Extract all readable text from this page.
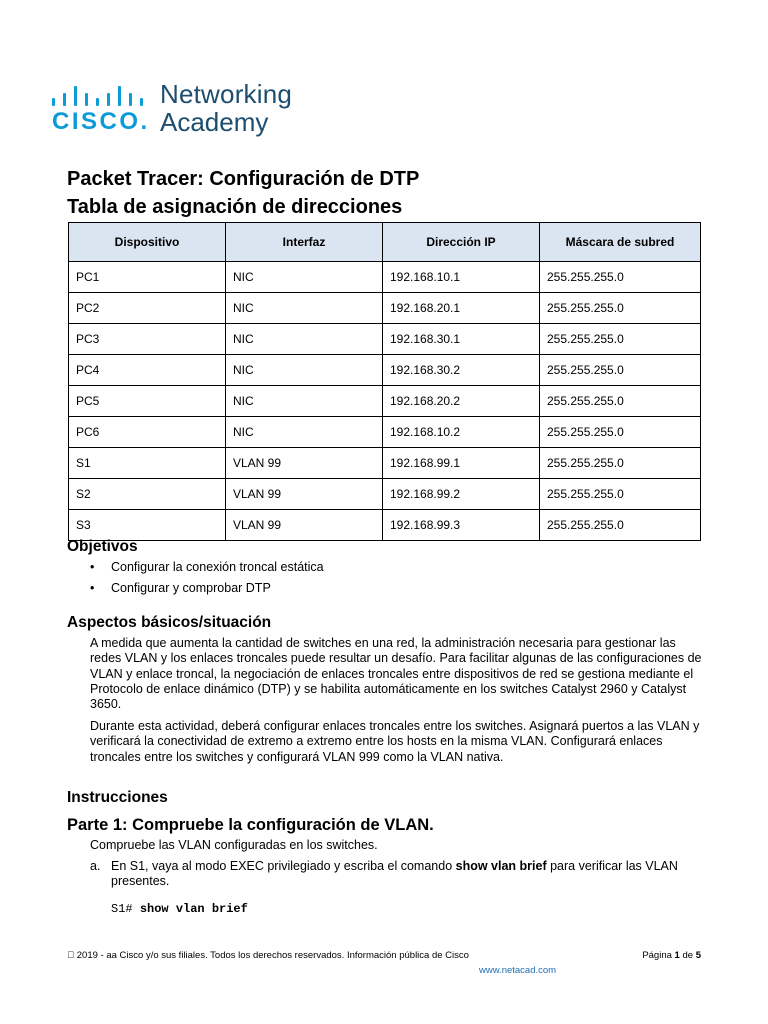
CISCO.
Networking
Academy
Packet Tracer: Configuración de DTP
Tabla de asignación de direcciones
Dispositivo	Interfaz	Dirección IP	Máscara de subred
PC1	NIC	192.168.10.1	255.255.255.0
PC2	NIC	192.168.20.1	255.255.255.0
PC3	NIC	192.168.30.1	255.255.255.0
PC4	NIC	192.168.30.2	255.255.255.0
PC5	NIC	192.168.20.2	255.255.255.0
PC6	NIC	192.168.10.2	255.255.255.0
S1	VLAN 99	192.168.99.1	255.255.255.0
S2	VLAN 99	192.168.99.2	255.255.255.0
S3	VLAN 99	192.168.99.3	255.255.255.0
Objetivos
• Configurar la conexión troncal estática
• Configurar y comprobar DTP
Aspectos básicos/situación

A medida que aumenta la cantidad de switches en una red, la administración necesaria para gestionar las redes VLAN y los enlaces troncales puede resultar un desafío. Para facilitar algunas de las configuraciones de VLAN y enlace troncal, la negociación de enlaces troncales entre dispositivos de red se gestiona mediante el Protocolo de enlace dinámico (DTP) y se habilita automáticamente en los switches Catalyst 2960 y Catalyst 3650.

Durante esta actividad, deberá configurar enlaces troncales entre los switches. Asignará puertos a las VLAN y verificará la conectividad de extremo a extremo entre los hosts en la misma VLAN. Configurará enlaces troncales entre los switches y configurará VLAN 999 como la VLAN nativa.

Instrucciones
Parte 1: Compruebe la configuración de VLAN.

Compruebe las VLAN configuradas en los switches.

a. En S1, vaya al modo EXEC privilegiado y escriba el comando show vlan brief para verificar las VLAN presentes.
S1# show vlan brief
  2019 - aa Cisco y/o sus filiales. Todos los derechos reservados. Información pública de Cisco	Página 1 de 5
www.netacad.com
